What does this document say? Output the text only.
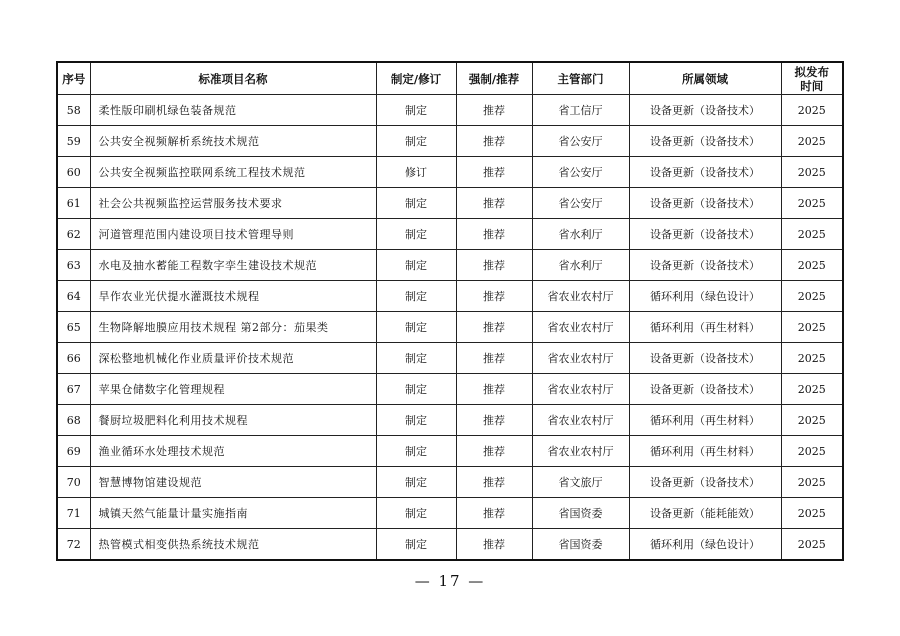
序号	标准项目名称	制定/修订	强制/推荐	主管部门	所属领域	拟发布
时间
58	柔性版印刷机绿色装备规范	制定	推荐	省工信厅	设备更新（设备技术）	2025
59	公共安全视频解析系统技术规范	制定	推荐	省公安厅	设备更新（设备技术）	2025
60	公共安全视频监控联网系统工程技术规范	修订	推荐	省公安厅	设备更新（设备技术）	2025
61	社会公共视频监控运营服务技术要求	制定	推荐	省公安厅	设备更新（设备技术）	2025
62	河道管理范围内建设项目技术管理导则	制定	推荐	省水利厅	设备更新（设备技术）	2025
63	水电及抽水蓄能工程数字孪生建设技术规范	制定	推荐	省水利厅	设备更新（设备技术）	2025
64	旱作农业光伏提水灌溉技术规程	制定	推荐	省农业农村厅	循环利用（绿色设计）	2025
65	生物降解地膜应用技术规程 第2部分：茄果类	制定	推荐	省农业农村厅	循环利用（再生材料）	2025
66	深松整地机械化作业质量评价技术规范	制定	推荐	省农业农村厅	设备更新（设备技术）	2025
67	苹果仓储数字化管理规程	制定	推荐	省农业农村厅	设备更新（设备技术）	2025
68	餐厨垃圾肥料化利用技术规程	制定	推荐	省农业农村厅	循环利用（再生材料）	2025
69	渔业循环水处理技术规范	制定	推荐	省农业农村厅	循环利用（再生材料）	2025
70	智慧博物馆建设规范	制定	推荐	省文旅厅	设备更新（设备技术）	2025
71	城镇天然气能量计量实施指南	制定	推荐	省国资委	设备更新（能耗能效）	2025
72	热管模式相变供热系统技术规范	制定	推荐	省国资委	循环利用（绿色设计）	2025
— 17 —
